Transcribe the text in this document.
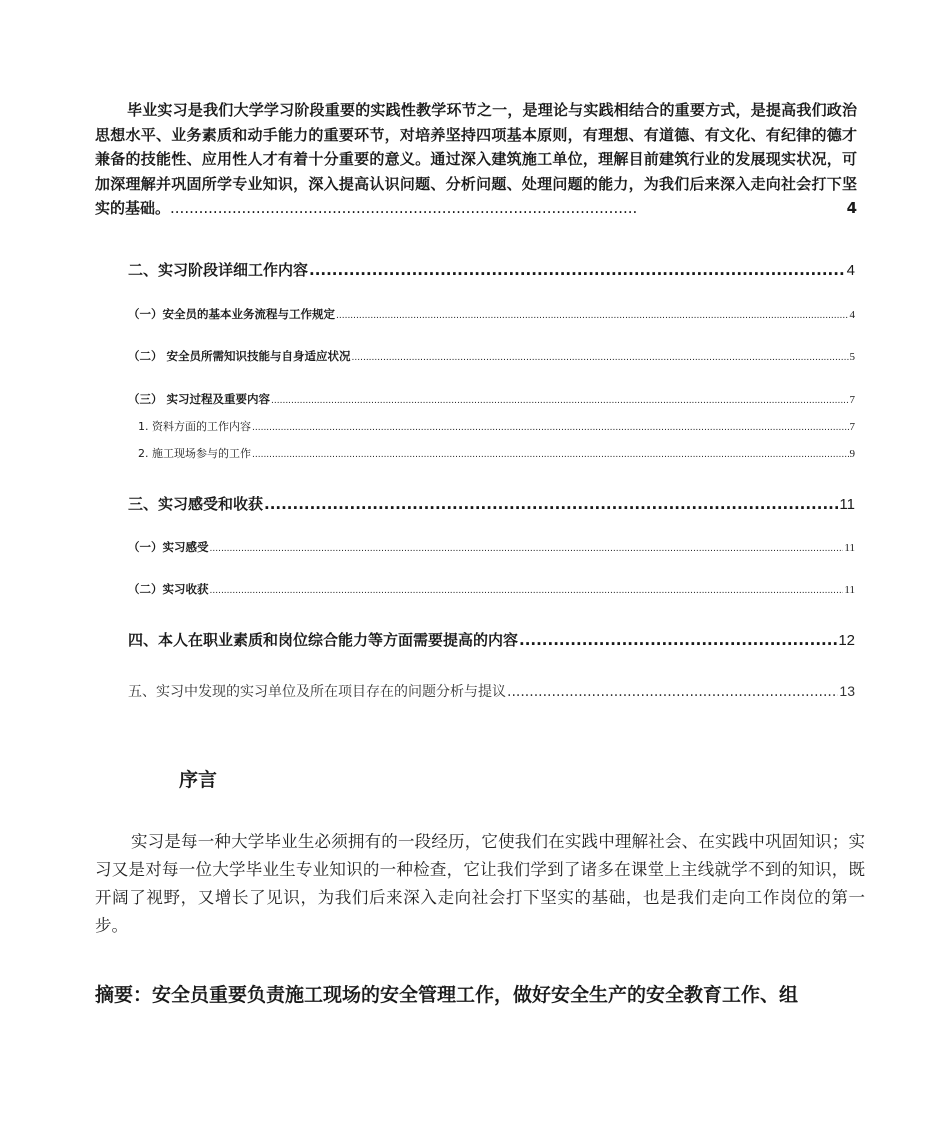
毕业实习是我们大学学习阶段重要的实践性教学环节之一，是理论与实践相结合的重要方式，是提高我们政治思想水平、业务素质和动手能力的重要环节，对培养坚持四项基本原则，有理想、有道德、有文化、有纪律的德才兼备的技能性、应用性人才有着十分重要的意义。通过深入建筑施工单位，理解目前建筑行业的发展现实状况，可加深理解并巩固所学专业知识，深入提高认识问题、分析问题、处理问题的能力，为我们后来深入走向社会打下坚实的基础。..................................................................................................	4

二、实习阶段详细工作内容 .....	4
（一）安全员的基本业务流程与工作规定 .....	4
（二） 安全员所需知识技能与自身适应状况 .....	5
（三） 实习过程及重要内容 .....	7
1. 资料方面的工作内容 .....	7
2. 施工现场参与的工作 .....	9
三、实习感受和收获 .....	11
（一）实习感受 .....	11
（二）实习收获 .....	11
四、本人在职业素质和岗位综合能力等方面需要提高的内容 .....	12
五、实习中发现的实习单位及所在项目存在的问题分析与提议 .....	13
序言

实习是每一种大学毕业生必须拥有的一段经历，它使我们在实践中理解社会、在实践中巩固知识；实习又是对每一位大学毕业生专业知识的一种检查，它让我们学到了诸多在课堂上主线就学不到的知识，既开阔了视野，又增长了见识，为我们后来深入走向社会打下坚实的基础，也是我们走向工作岗位的第一步。

摘要：安全员重要负责施工现场的安全管理工作，做好安全生产的安全教育工作、组
